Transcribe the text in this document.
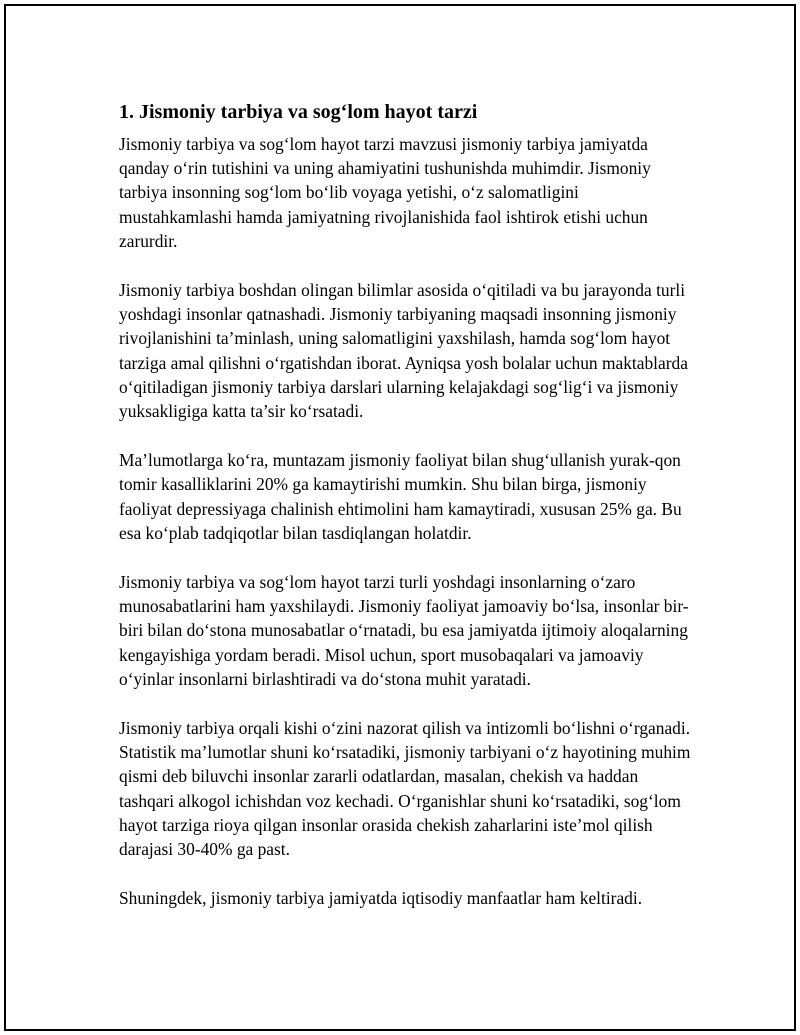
1. Jismoniy tarbiya va sog‘lom hayot tarzi

Jismoniy tarbiya va sog‘lom hayot tarzi mavzusi jismoniy tarbiya jamiyatda qanday o‘rin tutishini va uning ahamiyatini tushunishda muhimdir. Jismoniy tarbiya insonning sog‘lom bo‘lib voyaga yetishi, o‘z salomatligini mustahkamlashi hamda jamiyatning rivojlanishida faol ishtirok etishi uchun zarurdir.

Jismoniy tarbiya boshdan olingan bilimlar asosida o‘qitiladi va bu jarayonda turli yoshdagi insonlar qatnashadi. Jismoniy tarbiyaning maqsadi insonning jismoniy rivojlanishini ta’minlash, uning salomatligini yaxshilash, hamda sog‘lom hayot tarziga amal qilishni o‘rgatishdan iborat. Ayniqsa yosh bolalar uchun maktablarda o‘qitiladigan jismoniy tarbiya darslari ularning kelajakdagi sog‘lig‘i va jismoniy yuksakligiga katta ta’sir ko‘rsatadi.

Ma’lumotlarga ko‘ra, muntazam jismoniy faoliyat bilan shug‘ullanish yurak-qon tomir kasalliklarini 20% ga kamaytirishi mumkin. Shu bilan birga, jismoniy faoliyat depressiyaga chalinish ehtimolini ham kamaytiradi, xususan 25% ga. Bu esa ko‘plab tadqiqotlar bilan tasdiqlangan holatdir.

Jismoniy tarbiya va sog‘lom hayot tarzi turli yoshdagi insonlarning o‘zaro munosabatlarini ham yaxshilaydi. Jismoniy faoliyat jamoaviy bo‘lsa, insonlar bir-biri bilan do‘stona munosabatlar o‘rnatadi, bu esa jamiyatda ijtimoiy aloqalarning kengayishiga yordam beradi. Misol uchun, sport musobaqalari va jamoaviy o‘yinlar insonlarni birlashtiradi va do‘stona muhit yaratadi.

Jismoniy tarbiya orqali kishi o‘zini nazorat qilish va intizomli bo‘lishni o‘rganadi. Statistik ma’lumotlar shuni ko‘rsatadiki, jismoniy tarbiyani o‘z hayotining muhim qismi deb biluvchi insonlar zararli odatlardan, masalan, chekish va haddan tashqari alkogol ichishdan voz kechadi. O‘rganishlar shuni ko‘rsatadiki, sog‘lom hayot tarziga rioya qilgan insonlar orasida chekish zaharlarini iste’mol qilish darajasi 30-40% ga past.

Shuningdek, jismoniy tarbiya jamiyatda iqtisodiy manfaatlar ham keltiradi.
